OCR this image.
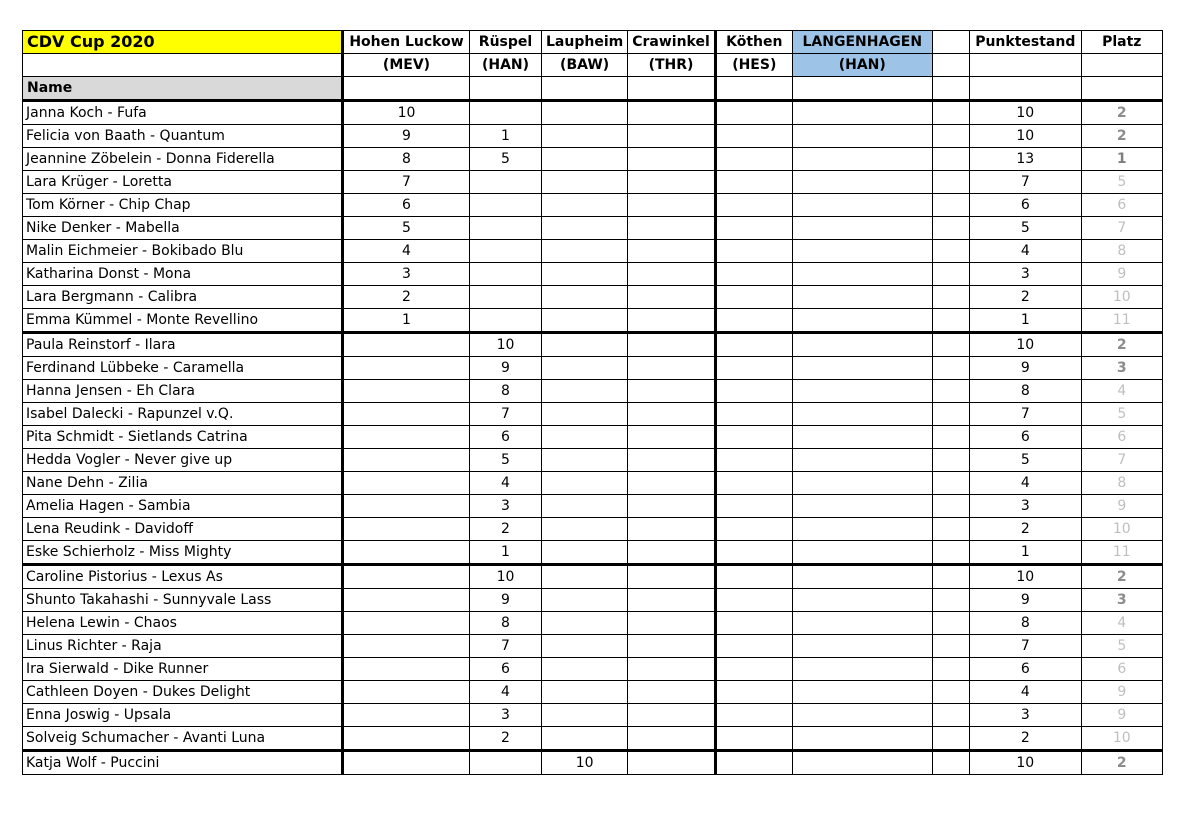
CDV Cup 2020	Hohen Luckow	Rüspel	Laupheim	Crawinkel	Köthen	LANGENHAGEN		Punktestand	Platz
	(MEV)	(HAN)	(BAW)	(THR)	(HES)	(HAN)			
Name									
Janna Koch - Fufa	10							10	2
Felicia von Baath - Quantum	9	1						10	2
Jeannine Zöbelein - Donna Fiderella	8	5						13	1
Lara Krüger - Loretta	7							7	5
Tom Körner - Chip Chap	6							6	6
Nike Denker - Mabella	5							5	7
Malin Eichmeier - Bokibado Blu	4							4	8
Katharina Donst - Mona	3							3	9
Lara Bergmann - Calibra	2							2	10
Emma Kümmel - Monte Revellino	1							1	11
Paula Reinstorf - Ilara		10						10	2
Ferdinand Lübbeke - Caramella		9						9	3
Hanna Jensen - Eh Clara		8						8	4
Isabel Dalecki - Rapunzel v.Q.		7						7	5
Pita Schmidt - Sietlands Catrina		6						6	6
Hedda Vogler - Never give up		5						5	7
Nane Dehn - Zilia		4						4	8
Amelia Hagen - Sambia		3						3	9
Lena Reudink - Davidoff		2						2	10
Eske Schierholz - Miss Mighty		1						1	11
Caroline Pistorius - Lexus As		10						10	2
Shunto Takahashi - Sunnyvale Lass		9						9	3
Helena Lewin - Chaos		8						8	4
Linus Richter - Raja		7						7	5
Ira Sierwald - Dike Runner		6						6	6
Cathleen Doyen - Dukes Delight		4						4	9
Enna Joswig - Upsala		3						3	9
Solveig Schumacher - Avanti Luna		2						2	10
Katja Wolf - Puccini			10					10	2
